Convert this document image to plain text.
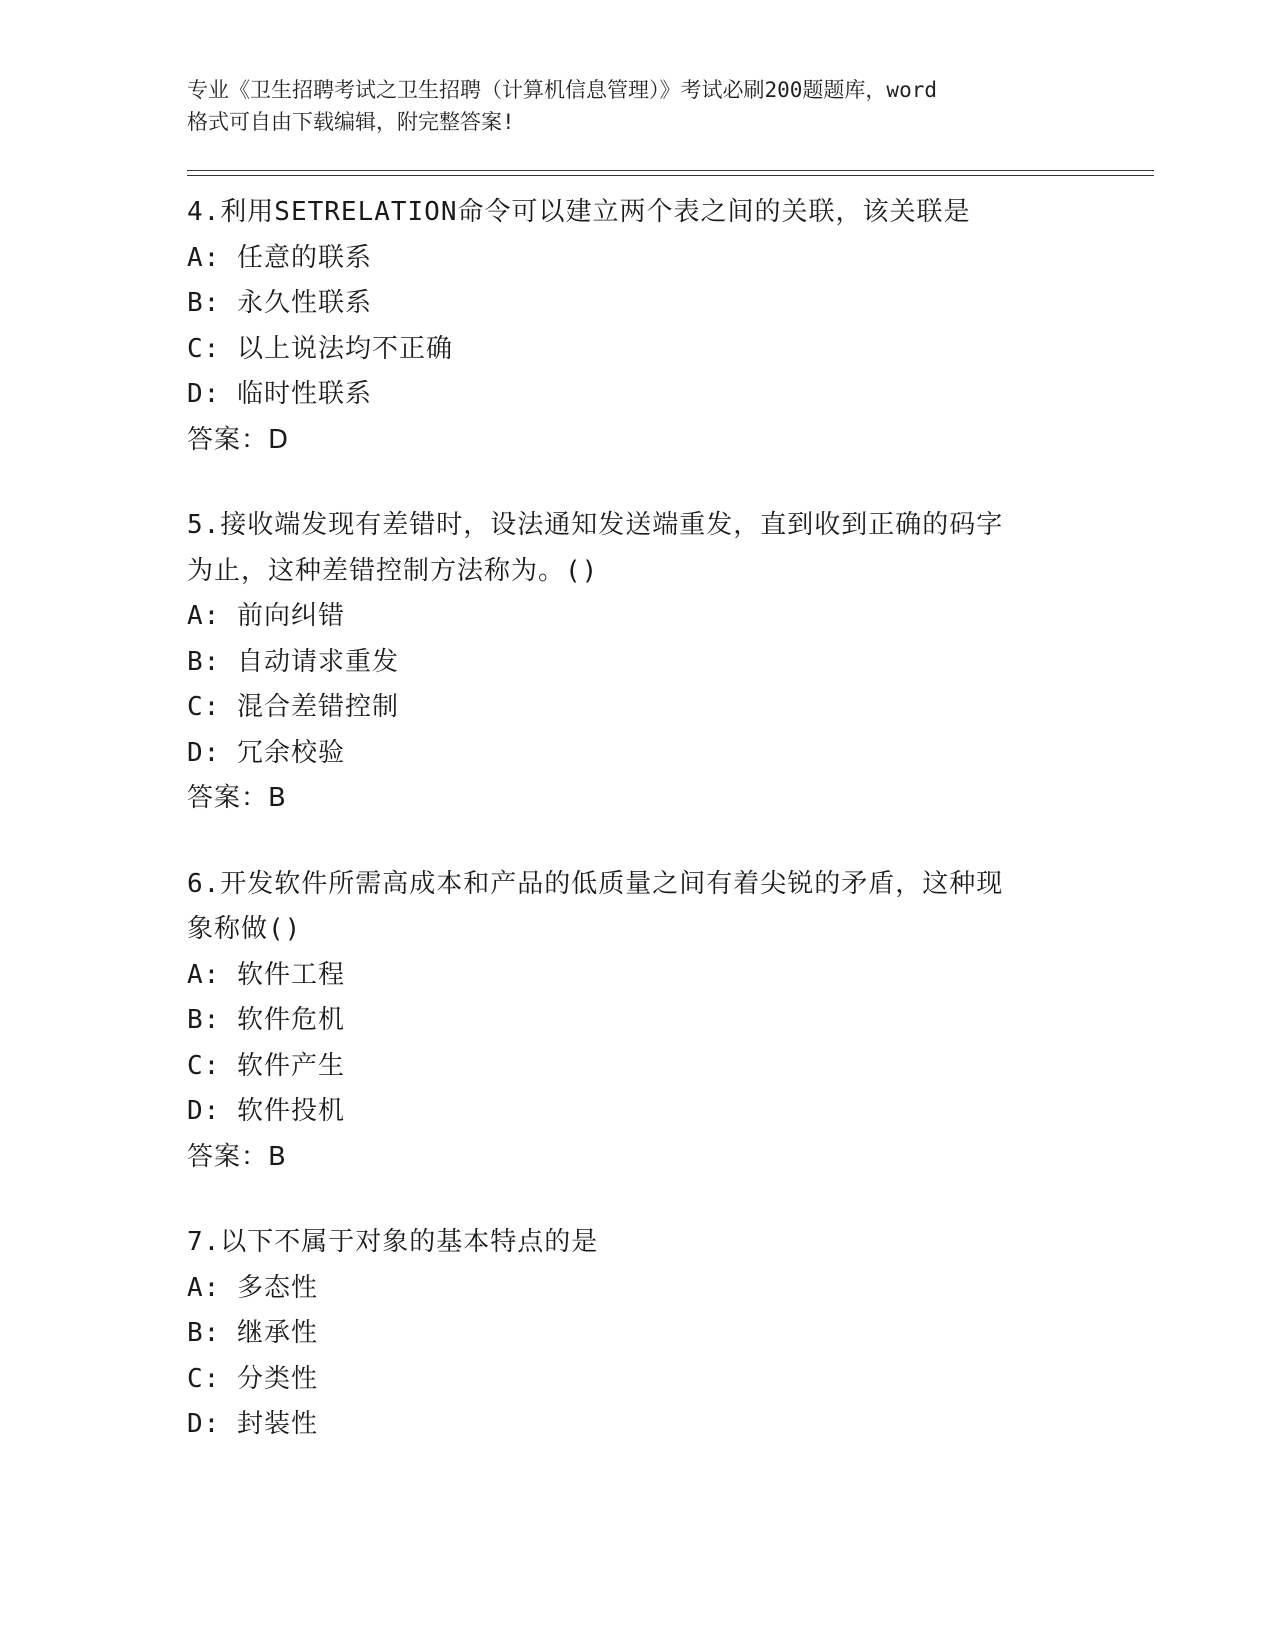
专业《卫生招聘考试之卫生招聘（计算机信息管理）》考试必刷200题题库，word
格式可自由下载编辑，附完整答案!
4.利用SETRELATION命令可以建立两个表之间的关联，该关联是
A: 任意的联系
B: 永久性联系
C: 以上说法均不正确
D: 临时性联系
答案：D
5.接收端发现有差错时，设法通知发送端重发，直到收到正确的码字
为止，这种差错控制方法称为。()
A: 前向纠错
B: 自动请求重发
C: 混合差错控制
D: 冗余校验
答案：B
6.开发软件所需高成本和产品的低质量之间有着尖锐的矛盾，这种现
象称做()
A: 软件工程
B: 软件危机
C: 软件产生
D: 软件投机
答案：B
7.以下不属于对象的基本特点的是
A: 多态性
B: 继承性
C: 分类性
D: 封装性
